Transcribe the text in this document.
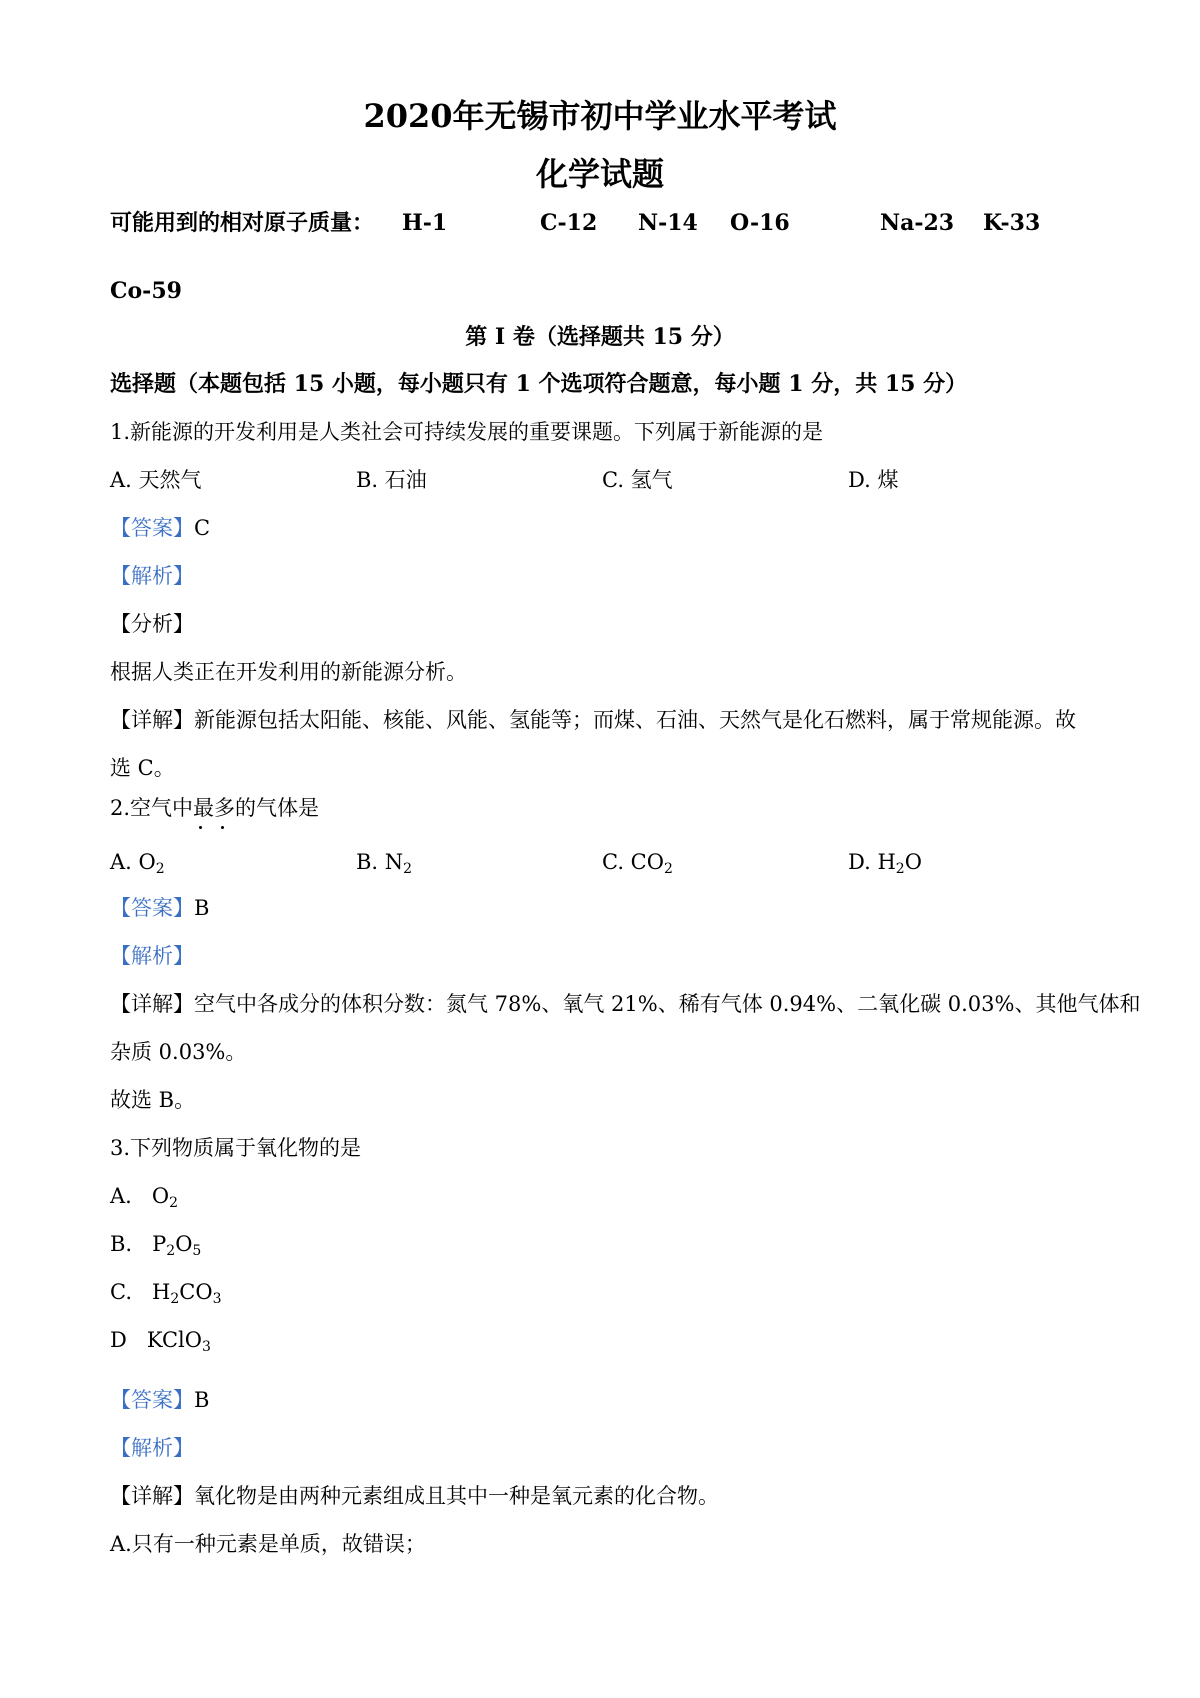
2020年无锡市初中学业水平考试
化学试题
可能用到的相对原子质量： H-1	C-12 N-14 O-16	Na-23 K-33
Co-59
第 I 卷（选择题共 15 分）
选择题（本题包括 15 小题，每小题只有 1 个选项符合题意，每小题 1 分，共 15 分）
1.新能源的开发利用是人类社会可持续发展的重要课题。下列属于新能源的是
A. 天然气	B. 石油	C. 氢气	D. 煤
【答案】C
【解析】
【分析】
根据人类正在开发利用的新能源分析。
【详解】新能源包括太阳能、核能、风能、氢能等；而煤、石油、天然气是化石燃料，属于常规能源。故
选 C。
2.空气中最多的气体是
A. $O_2$	B. $N_2$	C. $CO_2$	D. $H_2O$
【答案】B
【解析】
【详解】空气中各成分的体积分数：氮气 78%、氧气 21%、稀有气体 0.94%、二氧化碳 0.03%、其他气体和
杂质 0.03%。
故选 B。
3.下列物质属于氧化物的是
A.   $O_2$
B.   $P_2O_5$
C.   $H_2CO_3$
D   KClO$_3$
【答案】B
【解析】
【详解】氧化物是由两种元素组成且其中一种是氧元素的化合物。
A.只有一种元素是单质，故错误；
